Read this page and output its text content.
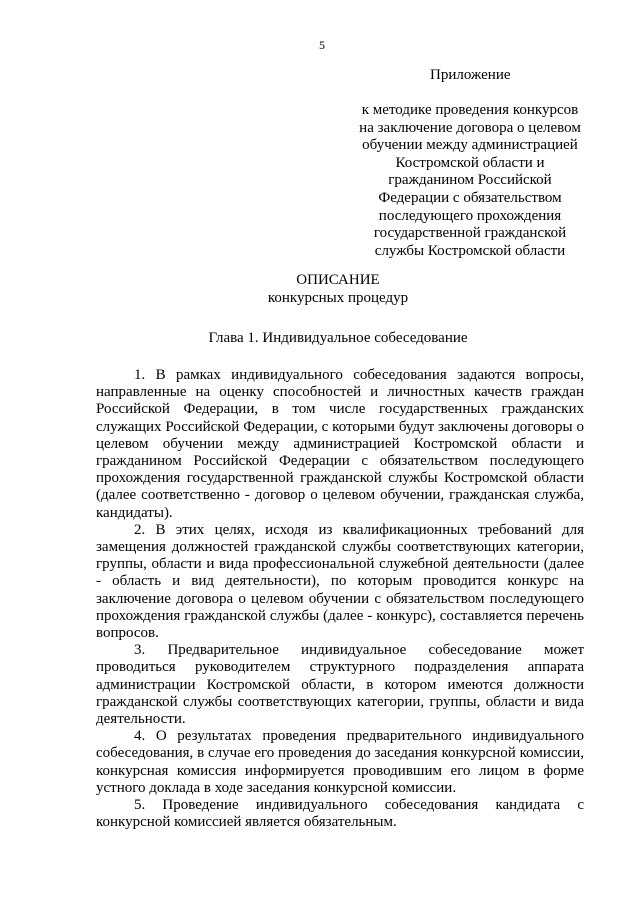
5
Приложение
к методике проведения конкурсов
на заключение договора о целевом
обучении между администрацией
Костромской области и
гражданином Российской
Федерации с обязательством
последующего прохождения
государственной гражданской
службы Костромской области
ОПИСАНИЕ
конкурсных процедур
Глава 1. Индивидуальное собеседование

1. В рамках индивидуального собеседования задаются вопросы, направленные на оценку способностей и личностных качеств граждан Российской Федерации, в том числе государственных гражданских служащих Российской Федерации, с которыми будут заключены договоры о целевом обучении между администрацией Костромской области и гражданином Российской Федерации с обязательством последующего прохождения государственной гражданской службы Костромской области (далее соответственно - договор о целевом обучении, гражданская служба, кандидаты).

2. В этих целях, исходя из квалификационных требований для замещения должностей гражданской службы соответствующих категории, группы, области и вида профессиональной служебной деятельности (далее - область и вид деятельности), по которым проводится конкурс на заключение договора о целевом обучении с обязательством последующего прохождения гражданской службы (далее - конкурс), составляется перечень вопросов.

3. Предварительное индивидуальное собеседование может проводиться руководителем структурного подразделения аппарата администрации Костромской области, в котором имеются должности гражданской службы соответствующих категории, группы, области и вида деятельности.

4. О результатах проведения предварительного индивидуального собеседования, в случае его проведения до заседания конкурсной комиссии, конкурсная комиссия информируется проводившим его лицом в форме устного доклада в ходе заседания конкурсной комиссии.

5. Проведение индивидуального собеседования кандидата с конкурсной комиссией является обязательным.
